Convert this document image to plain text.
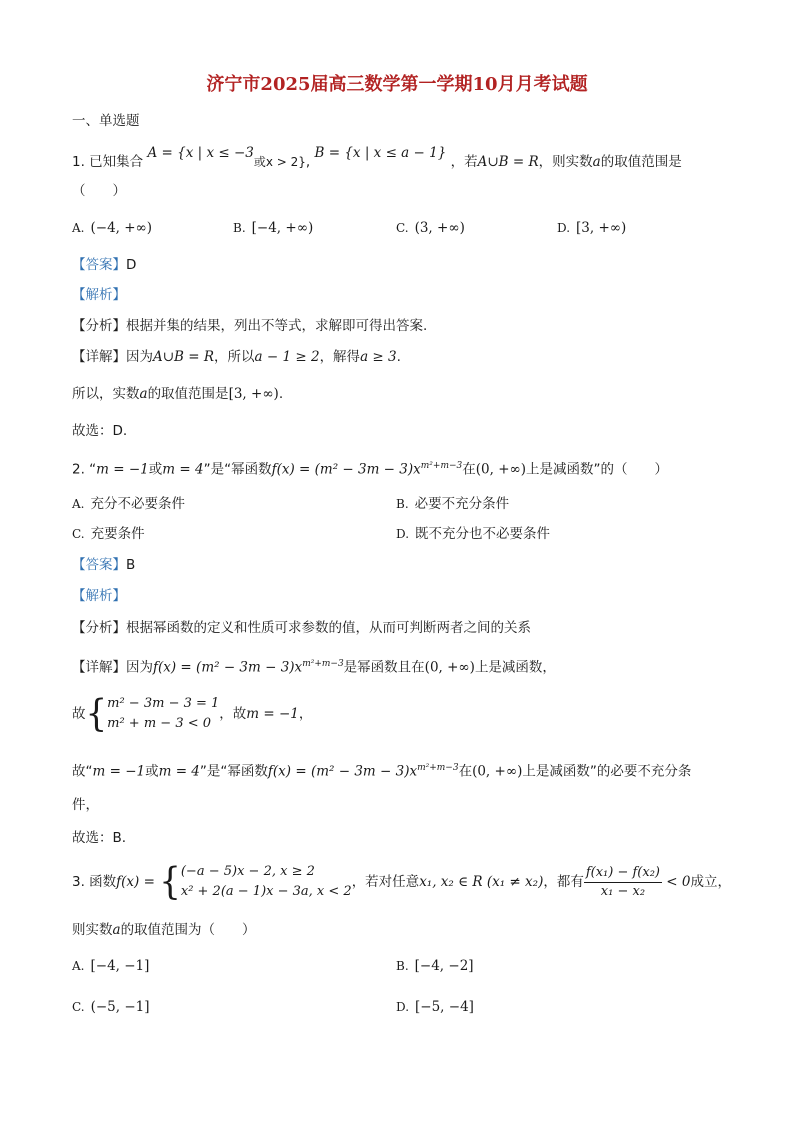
济宁市2025届高三数学第一学期10月月考试题
一、单选题
1. 已知集合 A = {x | x ≤ −3或x > 2}, B = {x | x ≤ a − 1} ，若A∪B = R，则实数a的取值范围是
（　　）
A. (−4, +∞)	B. [−4, +∞)	C. (3, +∞)	D. [3, +∞)
【答案】D
【解析】
【分析】根据并集的结果，列出不等式，求解即可得出答案.
【详解】因为A∪B = R，所以a − 1 ≥ 2，解得a ≥ 3.
所以，实数a的取值范围是[3, +∞).
故选：D.
2. “m = −1或m = 4”是“幂函数$f(x) = (m^2 - 3m - 3)x^{m^2+m-3}$在(0, +∞)上是减函数”的（　　）
A. 充分不必要条件	B. 必要不充分条件
C. 充要条件	D. 既不充分也不必要条件
【答案】B
【解析】
【分析】根据幂函数的定义和性质可求参数的值，从而可判断两者之间的关系
【详解】因为$f(x) = (m^2 - 3m - 3)x^{m^2+m-3}$是幂函数且在(0, +∞)上是减函数，
故{ m² − 3m − 3 = 1
m² + m − 3 < 0
，故m = −1，
故“m = −1或m = 4”是“幂函数$f(x) = (m^2 - 3m - 3)x^{m^2+m-3}$在(0, +∞)上是减函数”的必要不充分条
件，
故选：B.
3. 函数f(x) = { (−a − 5)x − 2, x ≥ 2
x² + 2(a − 1)x − 3a, x < 2
，若对任意x₁, x₂ ∈ R (x₁ ≠ x₂)，都有 $\frac{\text{f(x₁) − f(x₂)}}{\text{x₁ − x₂}} < 0$成立，
则实数a的取值范围为（　　）
A. [−4, −1]	B. [−4, −2]
C. (−5, −1]	D. [−5, −4]
